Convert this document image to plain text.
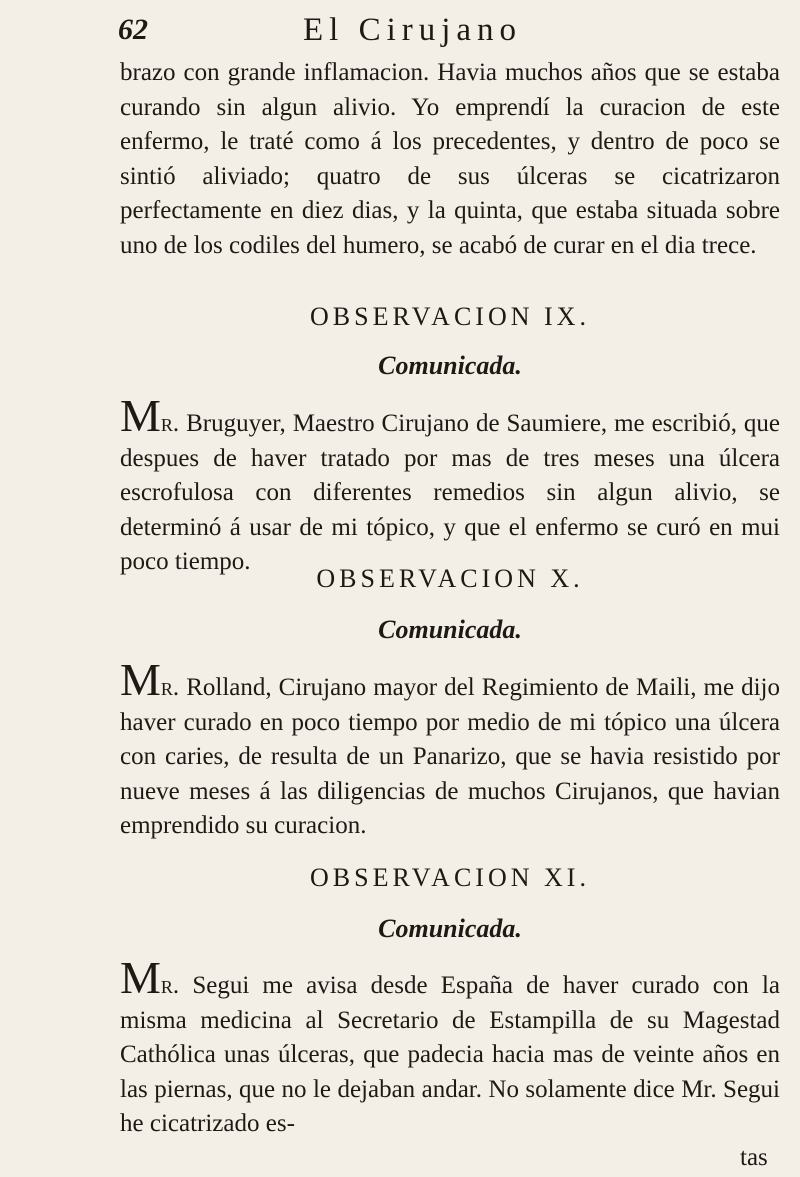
62	El Cirujano

brazo con grande inflamacion. Havia muchos años que se estaba curando sin algun alivio. Yo emprendí la curacion de este enfermo, le traté como á los precedentes, y dentro de poco se sintió aliviado; quatro de sus úlceras se cicatrizaron perfectamente en diez dias, y la quinta, que estaba situada sobre uno de los codiles del humero, se acabó de curar en el dia trece.

OBSERVACION IX.
Comunicada.

Mr. Bruguyer, Maestro Cirujano de Saumiere, me escribió, que despues de haver tratado por mas de tres meses una úlcera escrofulosa con diferentes remedios sin algun alivio, se determinó á usar de mi tópico, y que el enfermo se curó en mui poco tiempo.

OBSERVACION X.
Comunicada.

Mr. Rolland, Cirujano mayor del Regimiento de Maili, me dijo haver curado en poco tiempo por medio de mi tópico una úlcera con caries, de resulta de un Panarizo, que se havia resistido por nueve meses á las diligencias de muchos Cirujanos, que havian emprendido su curacion.

OBSERVACION XI.
Comunicada.

Mr. Segui me avisa desde España de haver curado con la misma medicina al Secretario de Estampilla de su Magestad Cathólica unas úlceras, que padecia hacia mas de veinte años en las piernas, que no le dejaban andar. No solamente dice Mr. Segui he cicatrizado es-

tas
